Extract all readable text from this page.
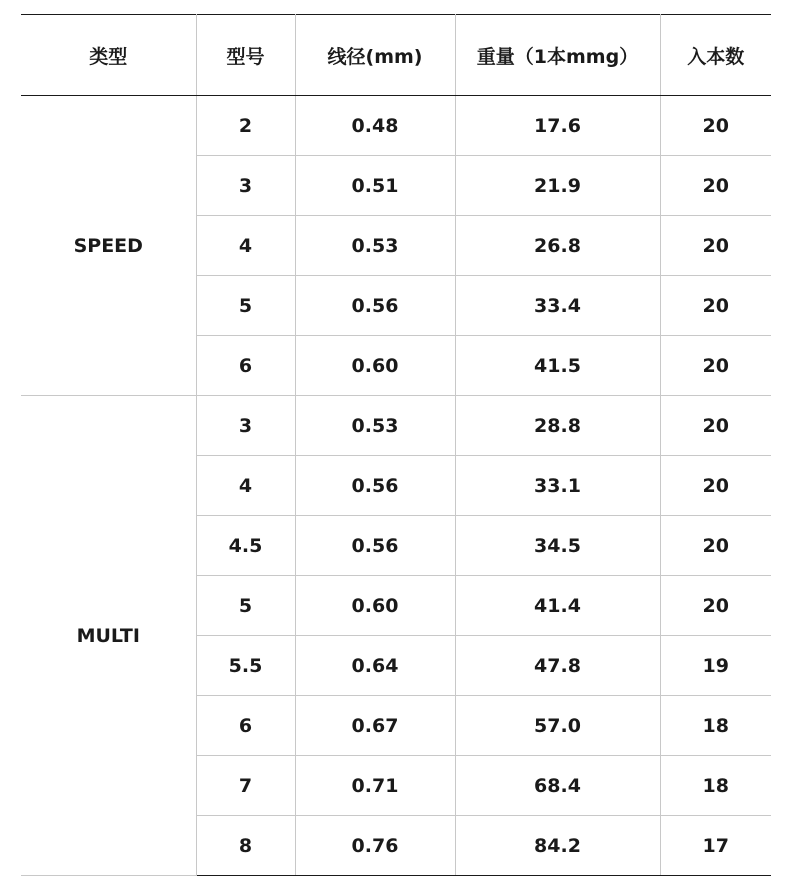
类型	型号	线径(mm)	重量（1本mmg）	入本数
SPEED	2	0.48	17.6	20
	3	0.51	21.9	20
	4	0.53	26.8	20
	5	0.56	33.4	20
	6	0.60	41.5	20
MULTI	3	0.53	28.8	20
	4	0.56	33.1	20
	4.5	0.56	34.5	20
	5	0.60	41.4	20
	5.5	0.64	47.8	19
	6	0.67	57.0	18
	7	0.71	68.4	18
	8	0.76	84.2	17
